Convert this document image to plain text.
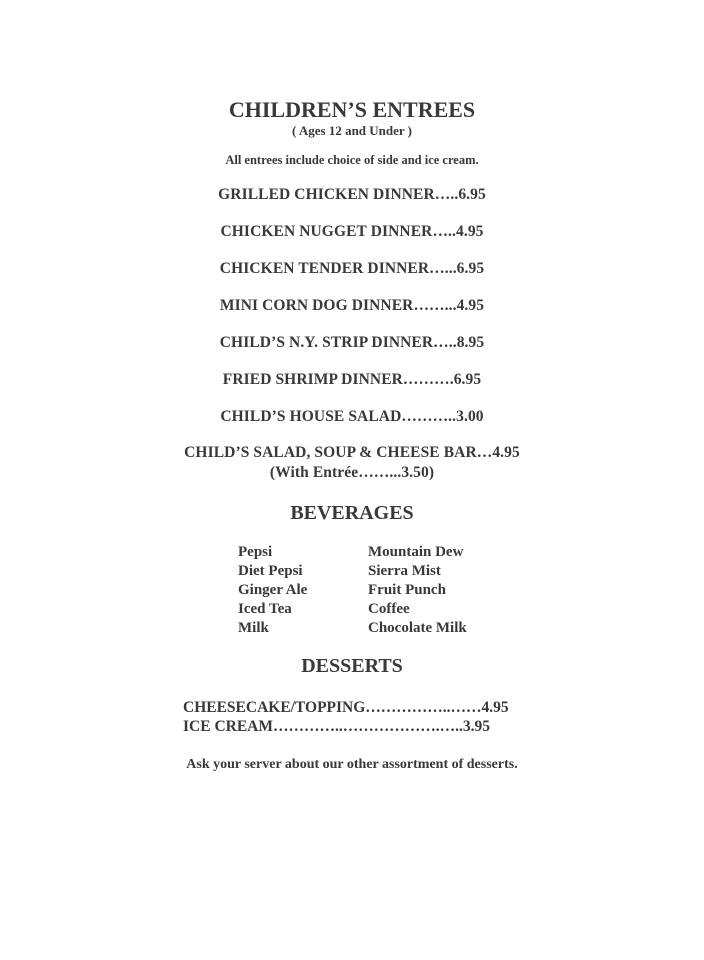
CHILDREN’S ENTREES
( Ages 12 and Under )
All entrees include choice of side and ice cream.
GRILLED CHICKEN DINNER…..6.95
CHICKEN NUGGET DINNER…..4.95
CHICKEN TENDER DINNER…...6.95
MINI CORN DOG DINNER……...4.95
CHILD’S N.Y. STRIP DINNER…..8.95
FRIED SHRIMP DINNER……….6.95
CHILD’S HOUSE SALAD………..3.00
CHILD’S SALAD, SOUP & CHEESE BAR…4.95
(With Entrée……...3.50)
BEVERAGES
Pepsi
Diet Pepsi
Ginger Ale
Iced Tea
Milk
Mountain Dew
Sierra Mist
Fruit Punch
Coffee
Chocolate Milk
DESSERTS
CHEESECAKE/TOPPING……………..……4.95
ICE CREAM…………..……………….…..3.95
Ask your server about our other assortment of desserts.
